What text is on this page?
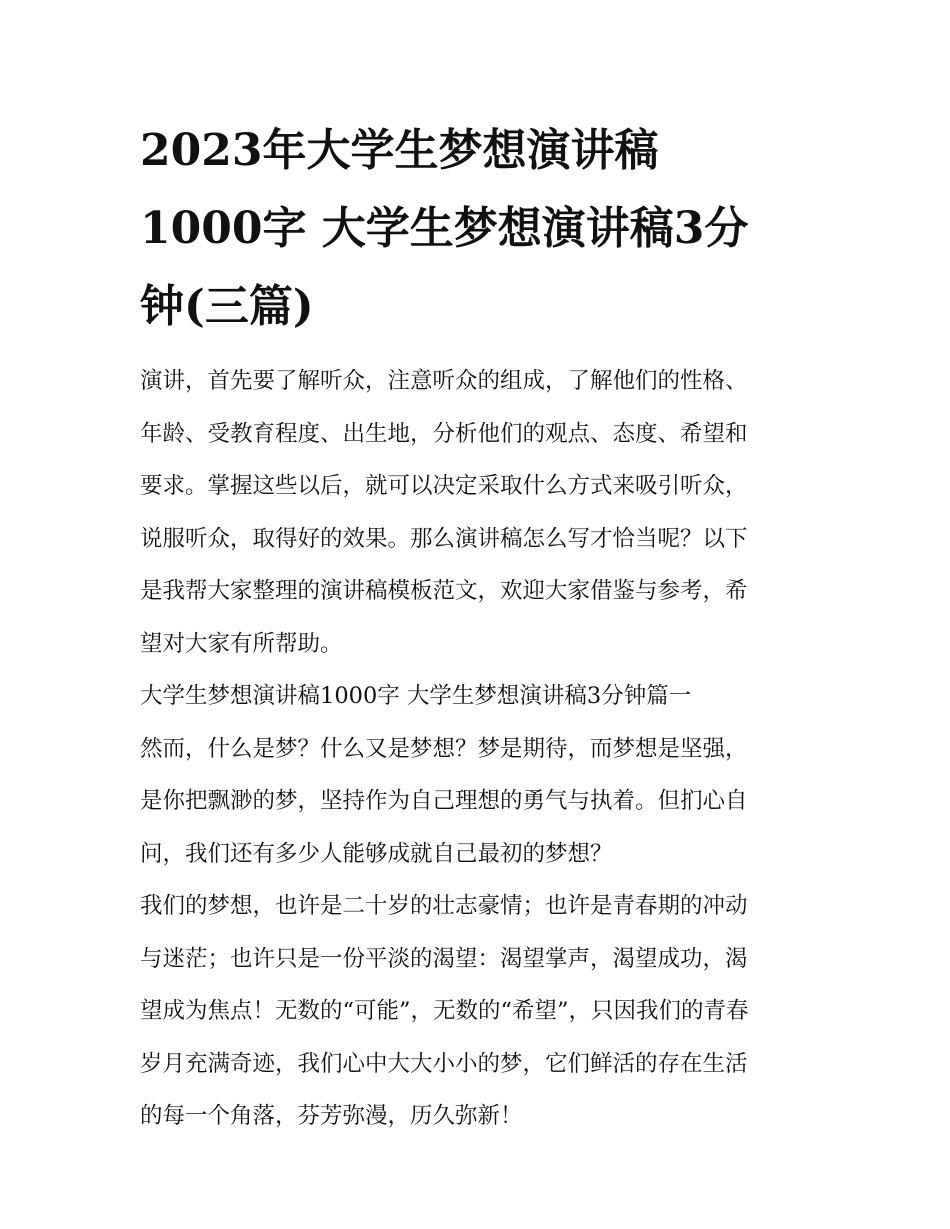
2023年大学生梦想演讲稿
1000字 大学生梦想演讲稿3分
钟(三篇)

演讲，首先要了解听众，注意听众的组成，了解他们的性格、
年龄、受教育程度、出生地，分析他们的观点、态度、希望和
要求。掌握这些以后，就可以决定采取什么方式来吸引听众，
说服听众，取得好的效果。那么演讲稿怎么写才恰当呢？以下
是我帮大家整理的演讲稿模板范文，欢迎大家借鉴与参考，希
望对大家有所帮助。

大学生梦想演讲稿1000字 大学生梦想演讲稿3分钟篇一

然而，什么是梦？什么又是梦想？梦是期待，而梦想是坚强，
是你把飘渺的梦，坚持作为自己理想的勇气与执着。但扪心自
问，我们还有多少人能够成就自己最初的梦想？

我们的梦想，也许是二十岁的壮志豪情；也许是青春期的冲动
与迷茫；也许只是一份平淡的渴望：渴望掌声，渴望成功，渴
望成为焦点！无数的“可能”，无数的“希望”，只因我们的青春
岁月充满奇迹，我们心中大大小小的梦，它们鲜活的存在生活
的每一个角落，芬芳弥漫，历久弥新！
